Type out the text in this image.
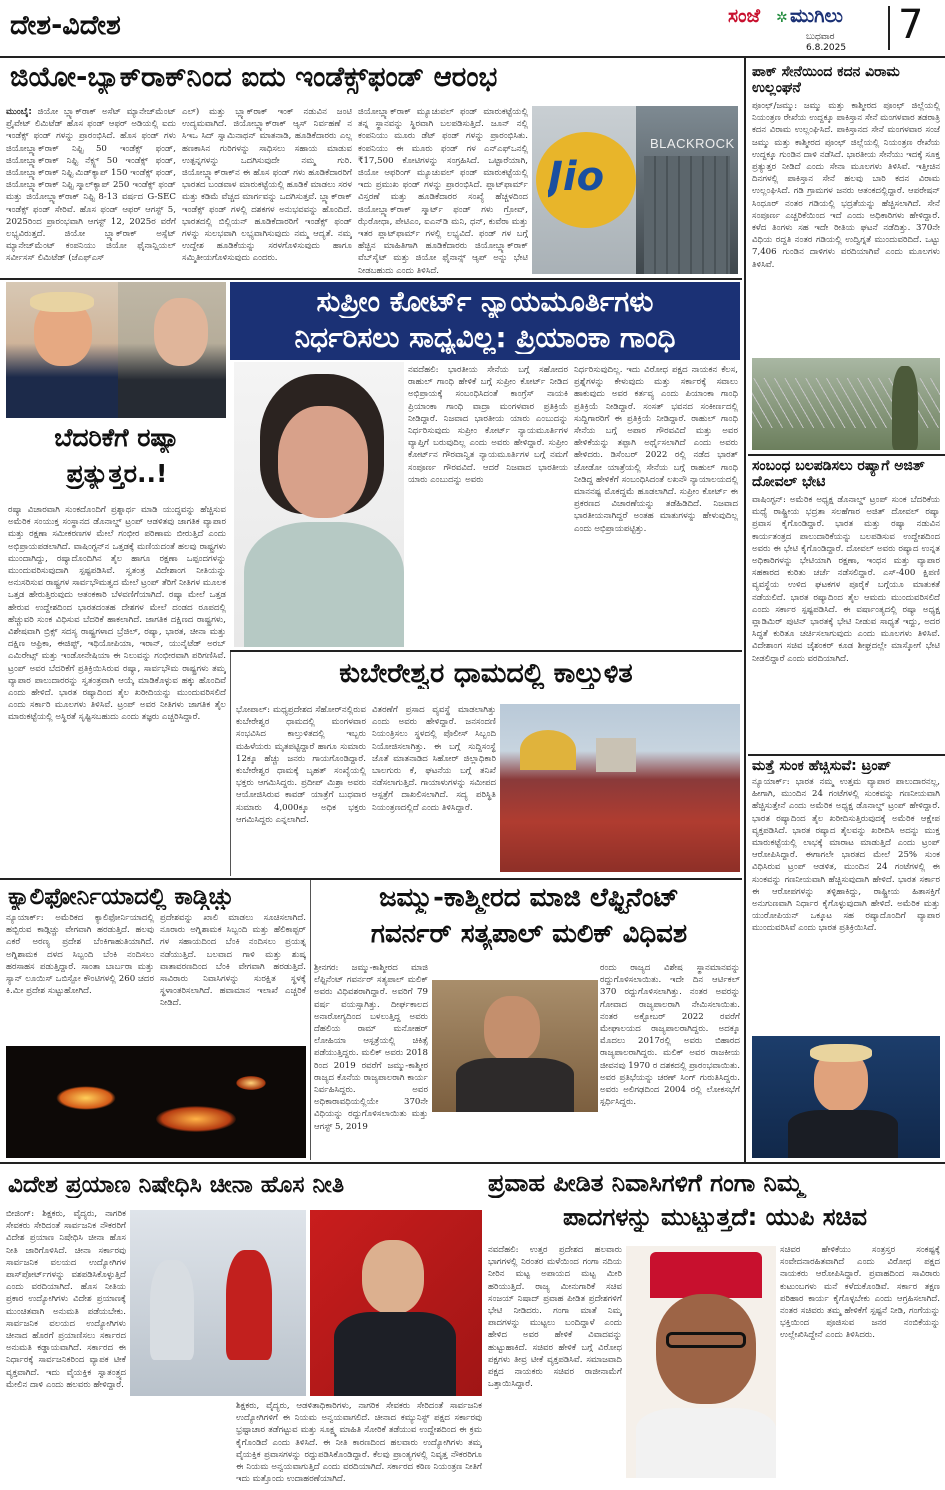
ದೇಶ-ವಿದೇಶ	ಸಂಜೆ ✲ ಮುಗಿಲು
ಬುಧವಾರ
6.8.2025 7
ಜಿಯೋ-ಬ್ಯಾಕ್‌ರಾಕ್‌ನಿಂದ ಐದು ಇಂಡೆಕ್ಸ್‌ಫಂಡ್ ಆರಂಭ
ಮುಂಬೈ: ಜಿಯೋ ಬ್ಲ್ಯಾಕ್‌ರಾಕ್ ಅಸೆಟ್ ಮ್ಯಾನೇಜ್‌ಮೆಂಟ್ ಪ್ರೈವೇಟ್ ಲಿಮಿಟೆಡ್ ಹೊಸ ಫಂಡ್ ಆಫರ್ ಅಡಿಯಲ್ಲಿ ಐದು ಇಂಡೆಕ್ಸ್ ಫಂಡ್ ಗಳನ್ನು ಪ್ರಾರಂಭಿಸಿದೆ. ಹೊಸ ಫಂಡ್ ಗಳು ಜಿಯೋಬ್ಲ್ಯಾಕ್‌ರಾಕ್ ನಿಫ್ಟಿ 50 ಇಂಡೆಕ್ಸ್ ಫಂಡ್, ಜಿಯೋಬ್ಲ್ಯಾಕ್‌ರಾಕ್ ನಿಫ್ಟಿ ನೆಕ್ಸ್ಟ್ 50 ಇಂಡೆಕ್ಸ್ ಫಂಡ್, ಜಿಯೋಬ್ಲ್ಯಾಕ್‌ರಾಕ್ ನಿಫ್ಟಿ ಮಿಡ್‌ಕ್ಯಾಪ್ 150 ಇಂಡೆಕ್ಸ್ ಫಂಡ್, ಜಿಯೋಬ್ಲ್ಯಾಕ್‌ರಾಕ್ ನಿಫ್ಟಿ ಸ್ಮಾಲ್‌ಕ್ಯಾಪ್ 250 ಇಂಡೆಕ್ಸ್ ಫಂಡ್ ಮತ್ತು ಜಿಯೋಬ್ಲ್ಯಾಕ್‌ರಾಕ್ ನಿಫ್ಟಿ 8-13 ವರ್ಷದ G-SEC ಇಂಡೆಕ್ಸ್ ಫಂಡ್ ಸೇರಿವೆ. ಹೊಸ ಫಂಡ್ ಆಫರ್ ಆಗಸ್ಟ್ 5, 2025ರಿಂದ ಪ್ರಾರಂಭವಾಗಿ ಆಗಸ್ಟ್ 12, 2025ರ ವರೆಗೆ ಲಭ್ಯವಿರುತ್ತದೆ. ಜಿಯೋ ಬ್ಲ್ಯಾಕ್‌ರಾಕ್ ಅಸ್ಸೆಟ್ ಮ್ಯಾನೇಜ್‌ಮೆಂಟ್ ಕಂಪನಿಯು ಜಿಯೋ ಫೈನಾನ್ಷಿಯಲ್ ಸರ್ವೀಸಸ್ ಲಿಮಿಟೆಡ್ (ಜೆಎಫ್‌ಎಸ್
ಎಲ್) ಮತ್ತು ಬ್ಲ್ಯಾಕ್‌ರಾಕ್ ಇಂಕ್ ನಡುವಿನ ಜಂಟಿ ಉದ್ಯಮವಾಗಿದೆ. ಜಿಯೋಬ್ಲ್ಯಾಕ್‌ರಾಕ್ ಆ್ಯಸ್ ನಿರ್ವಹಣೆ ನ ಸಿಇಒ ಸಿದ್ ಸ್ವಾಮಿನಾಥನ್ ಮಾತನಾಡಿ, ಹೂಡಿಕೆದಾರರು ಎಲ್ಲ ಹಣಕಾಸಿನ ಗುರಿಗಳನ್ನು ಸಾಧಿಸಲು ಸಹಾಯ ಮಾಡುವ ಉತ್ಪನ್ನಗಳನ್ನು ಒದಗಿಸುವುದೇ ನಮ್ಮ ಗುರಿ. ಜಿಯೋಬ್ಲ್ಯಾಕ್‌ರಾಕ್‌ನ ಈ ಹೊಸ ಫಂಡ್ ಗಳು ಹೂಡಿಕೆದಾರರಿಗೆ ಭಾರತದ ಬಂಡವಾಳ ಮಾರುಕಟ್ಟೆಯಲ್ಲಿ ಹೂಡಿಕೆ ಮಾಡಲು ಸರಳ ಮತ್ತು ಕಡಿಮೆ ವೆಚ್ಚದ ಮಾರ್ಗವನ್ನು ಒದಗಿಸುತ್ತವೆ. ಬ್ಲ್ಯಾಕ್‌ರಾಕ್ ಇಂಡೆಕ್ಸ್ ಫಂಡ್ ಗಳಲ್ಲಿ ದಶಕಗಳ ಅನುಭವವನ್ನು ಹೊಂದಿದೆ. ಭಾರತದಲ್ಲಿ ಬಿಲ್ಲಿಯನ್ ಹೂಡಿಕೆದಾರರಿಗೆ ಇಂಡೆಕ್ಸ್ ಫಂಡ್ ಗಳನ್ನು ಸುಲಭವಾಗಿ ಲಭ್ಯವಾಗಿಸುವುದು ನಮ್ಮ ಆದ್ಯತೆ. ನಮ್ಮ ಉದ್ದೇಶ ಹೂಡಿಕೆಯನ್ನು ಸರಳಗೊಳಿಸುವುದು ಹಾಗೂ ಸಮ್ಮಿತೀಯಗೊಳಿಸುವುದು ಎಂದರು.
ಜಿಯೋಬ್ಲ್ಯಾಕ್‌ರಾಕ್ ಮ್ಯೂಚುವಲ್ ಫಂಡ್ ಮಾರುಕಟ್ಟೆಯಲ್ಲಿ ತನ್ನ ಸ್ಥಾನವನ್ನು ಸ್ಥಿರವಾಗಿ ಬಲಪಡಿಸುತ್ತಿದೆ. ಜೂನ್ ನಲ್ಲಿ ಕಂಪನಿಯು ಮೂರು ಡೆಟ್ ಫಂಡ್ ಗಳನ್ನು ಪ್ರಾರಂಭಿಸಿತು. ಕಂಪನಿಯು ಈ ಮೂರು ಫಂಡ್ ಗಳ ಎನ್‌ಎಫ್‌ಒನಲ್ಲಿ ₹17,500 ಕೋಟಿಗಳನ್ನು ಸಂಗ್ರಹಿಸಿದೆ. ಒಟ್ಟಾರೆಯಾಗಿ, ಜಿಯೋ ಆಫರಿಂಗ್ ಮ್ಯೂಚುವಲ್ ಫಂಡ್ ಮಾರುಕಟ್ಟೆಯಲ್ಲಿ ಇದು ಪ್ರಮುಖ ಫಂಡ್ ಗಳನ್ನು ಪ್ರಾರಂಭಿಸಿದೆ. ಪ್ಲಾಟ್‌ಫಾರ್ಮ್ ವಿಸ್ತರಣೆ ಮತ್ತು ಹೂಡಿಕೆದಾರರ ಸಂಖ್ಯೆ ಹೆಚ್ಚಳದಿಂದ ಜಿಯೋಬ್ಲ್ಯಾಕ್‌ರಾಕ್ ಸ್ಮಾರ್ಟ್ ಫಂಡ್ ಗಳು ಗ್ರೋವ್, ಝೆರೋಧಾ, ಪೇಟಿಎಂ, ಐಎನ್‌ಡಿ ಮನಿ, ಧನ್, ಕುವೆರಾ ಮತ್ತು ಇತರ ಪ್ಲಾಟ್‌ಫಾರ್ಮ್ ಗಳಲ್ಲಿ ಲಭ್ಯವಿದೆ. ಫಂಡ್ ಗಳ ಬಗ್ಗೆ ಹೆಚ್ಚಿನ ಮಾಹಿತಿಗಾಗಿ ಹೂಡಿಕೆದಾರರು ಜಿಯೋಬ್ಲ್ಯಾಕ್‌ರಾಕ್ ವೆಬ್‌ಸೈಟ್ ಮತ್ತು ಜಿಯೋ ಫೈನಾನ್ಸ್ ಆ್ಯಪ್ ಅನ್ನು ಭೇಟಿ ನೀಡಬಹುದು ಎಂದು ತಿಳಿಸಿದೆ.
Jio
BLACKROCK
ಸುಪ್ರೀಂ ಕೋರ್ಟ್ ನ್ಯಾಯಮೂರ್ತಿಗಳು
ನಿರ್ಧರಿಸಲು ಸಾಧ್ಯವಿಲ್ಲ: ಪ್ರಿಯಾಂಕಾ ಗಾಂಧಿ
ನವದೆಹಲಿ: ಭಾರತೀಯ ಸೇನೆಯ ಬಗ್ಗೆ ಸಹೋದರ ರಾಹುಲ್ ಗಾಂಧಿ ಹೇಳಿಕೆ ಬಗ್ಗೆ ಸುಪ್ರೀಂ ಕೋರ್ಟ್ ನೀಡಿದ ಅಭಿಪ್ರಾಯಕ್ಕೆ ಸಂಬಂಧಿಸಿದಂತೆ ಕಾಂಗ್ರೆಸ್ ನಾಯಕಿ ಪ್ರಿಯಾಂಕಾ ಗಾಂಧಿ ವಾದ್ರಾ ಮಂಗಳವಾರ ಪ್ರತಿಕ್ರಿಯೆ ನೀಡಿದ್ದಾರೆ. ನಿಜವಾದ ಭಾರತೀಯ ಯಾರು ಎಂಬುದನ್ನು ನಿರ್ಧರಿಸುವುದು ಸುಪ್ರೀಂ ಕೋರ್ಟ್ ನ್ಯಾಯಮೂರ್ತಿಗಳ ವ್ಯಾಪ್ತಿಗೆ ಬರುವುದಿಲ್ಲ ಎಂದು ಅವರು ಹೇಳಿದ್ದಾರೆ. ಸುಪ್ರೀಂ ಕೋರ್ಟ್‌ನ ಗೌರವಾನ್ವಿತ ನ್ಯಾಯಮೂರ್ತಿಗಳ ಬಗ್ಗೆ ನಮಗೆ ಸಂಪೂರ್ಣ ಗೌರವವಿದೆ. ಆದರೆ ನಿಜವಾದ ಭಾರತೀಯ ಯಾರು ಎಂಬುದನ್ನು ಅವರು
ನಿರ್ಧರಿಸುವುದಿಲ್ಲ. ಇದು ವಿರೋಧ ಪಕ್ಷದ ನಾಯಕನ ಕೆಲಸ, ಪ್ರಶ್ನೆಗಳನ್ನು ಕೇಳುವುದು ಮತ್ತು ಸರ್ಕಾರಕ್ಕೆ ಸವಾಲು ಹಾಕುವುದು ಅವರ ಕರ್ತವ್ಯ ಎಂದು ಪಿಯಾಂಕಾ ಗಾಂಧಿ ಪ್ರತಿಕ್ರಿಯೆ ನೀಡಿದ್ದಾರೆ. ಸಂಸತ್ ಭವನದ ಸಂಕೀರ್ಣದಲ್ಲಿ ಸುದ್ದಿಗಾರರಿಗೆ ಈ ಪ್ರತಿಕ್ರಿಯೆ ನೀಡಿದ್ದಾರೆ. ರಾಹುಲ್ ಗಾಂಧಿ ಸೇನೆಯ ಬಗ್ಗೆ ಅಪಾರ ಗೌರವವಿದೆ ಮತ್ತು ಅವರ ಹೇಳಿಕೆಯನ್ನು ತಪ್ಪಾಗಿ ಅರ್ಥೈಸಲಾಗಿದೆ ಎಂದು ಅವರು ಹೇಳಿದರು. ಡಿಸೆಂಬರ್ 2022 ರಲ್ಲಿ ನಡೆದ ಭಾರತ್ ಜೋಡೋ ಯಾತ್ರೆಯಲ್ಲಿ ಸೇನೆಯ ಬಗ್ಗೆ ರಾಹುಲ್ ಗಾಂಧಿ ನೀಡಿದ್ದ ಹೇಳಿಕೆಗೆ ಸಂಬಂಧಿಸಿದಂತೆ ಲಖನೌ ನ್ಯಾಯಾಲಯದಲ್ಲಿ ಮಾನನಷ್ಟ ಮೊಕದ್ದಮೆ ಹೂಡಲಾಗಿದೆ. ಸುಪ್ರೀಂ ಕೋರ್ಟ್ ಈ ಪ್ರಕರಣದ ವಿಚಾರಣೆಯನ್ನು ತಡೆಹಿಡಿದಿದೆ. ನಿಜವಾದ ಭಾರತೀಯನಾಗಿದ್ದರೆ ಅಂತಹ ಮಾತುಗಳನ್ನು ಹೇಳುವುದಿಲ್ಲ ಎಂದು ಅಭಿಪ್ರಾಯಪಟ್ಟಿತ್ತು.
ಬೆದರಿಕೆಗೆ ರಷ್ಯಾ
ಪ್ರತ್ಯುತ್ತರ..!
ರಷ್ಯಾ ವಿಚಾರವಾಗಿ ಸುಂಕದೊಂದಿಗೆ ಪ್ರಶ್ನಾರ್ಥ ಮಾಡಿ ಯುದ್ಧವನ್ನು ಹೆಚ್ಚಿಸುವ ಅಮೆರಿಕ ಸಂಯುಕ್ತ ಸಂಸ್ಥಾನದ ಡೊನಾಲ್ಡ್ ಟ್ರಂಪ್ ಆಡಳಿತವು ಜಾಗತಿಕ ವ್ಯಾಪಾರ ಮತ್ತು ರಕ್ಷಣಾ ಸಮೀಕರಣಗಳ ಮೇಲೆ ಗಂಭೀರ ಪರಿಣಾಮ ಬೀರುತ್ತಿದೆ ಎಂದು ಅಭಿಪ್ರಾಯಪಡಲಾಗಿದೆ. ವಾಷಿಂಗ್ಟನ್‌ನ ಒತ್ತಡಕ್ಕೆ ಮಣಿಯದಂತೆ ಹಲವು ರಾಷ್ಟ್ರಗಳು ಮುಂದಾಗಿದ್ದು, ರಷ್ಯಾದೊಂದಿಗಿನ ತೈಲ ಹಾಗೂ ರಕ್ಷಣಾ ಒಪ್ಪಂದಗಳನ್ನು ಮುಂದುವರಿಸುವುದಾಗಿ ಸ್ಪಷ್ಟಪಡಿಸಿವೆ. ಸ್ವತಂತ್ರ ವಿದೇಶಾಂಗ ನೀತಿಯನ್ನು ಅನುಸರಿಸುವ ರಾಷ್ಟ್ರಗಳ ಸಾರ್ವಭೌಮತ್ವದ ಮೇಲೆ ಟ್ರಂಪ್ ತೆರಿಗೆ ನೀತಿಗಳ ಮೂಲಕ ಒತ್ತಡ ಹೇರುತ್ತಿರುವುದು ಆತಂಕಕಾರಿ ಬೆಳವಣಿಗೆಯಾಗಿದೆ. ರಷ್ಯಾ ಮೇಲೆ ಒತ್ತಡ ಹೇರುವ ಉದ್ದೇಶದಿಂದ ಭಾರತದಂತಹ ದೇಶಗಳ ಮೇಲೆ ದಂಡದ ರೂಪದಲ್ಲಿ ಹೆಚ್ಚುವರಿ ಸುಂಕ ವಿಧಿಸುವ ಬೆದರಿಕೆ ಹಾಕಲಾಗಿದೆ. ಜಾಗತಿಕ ದಕ್ಷಿಣದ ರಾಷ್ಟ್ರಗಳು, ವಿಶೇಷವಾಗಿ ಬ್ರಿಕ್ಸ್ ಸದಸ್ಯ ರಾಷ್ಟ್ರಗಳಾದ ಬ್ರೆಜಿಲ್, ರಷ್ಯಾ, ಭಾರತ, ಚೀನಾ ಮತ್ತು ದಕ್ಷಿಣ ಆಫ್ರಿಕಾ, ಈಜಿಪ್ಟ್, ಇಥಿಯೋಪಿಯಾ, ಇರಾನ್, ಯುನೈಟೆಡ್ ಅರಬ್ ಎಮಿರೇಟ್ಸ್ ಮತ್ತು ಇಂಡೋನೇಷಿಯಾ ಈ ನಿಲುವನ್ನು ಗಂಭೀರವಾಗಿ ಪರಿಗಣಿಸಿವೆ. ಟ್ರಂಪ್ ಅವರ ಬೆದರಿಕೆಗೆ ಪ್ರತಿಕ್ರಿಯಿಸಿರುವ ರಷ್ಯಾ, ಸಾರ್ವಭೌಮ ರಾಷ್ಟ್ರಗಳು ತಮ್ಮ ವ್ಯಾಪಾರ ಪಾಲುದಾರರನ್ನು ಸ್ವತಂತ್ರವಾಗಿ ಆಯ್ಕೆ ಮಾಡಿಕೊಳ್ಳುವ ಹಕ್ಕು ಹೊಂದಿವೆ ಎಂದು ಹೇಳಿದೆ. ಭಾರತ ರಷ್ಯಾದಿಂದ ತೈಲ ಖರೀದಿಯನ್ನು ಮುಂದುವರಿಸಲಿದೆ ಎಂದು ಸರ್ಕಾರಿ ಮೂಲಗಳು ತಿಳಿಸಿವೆ. ಟ್ರಂಪ್ ಅವರ ನೀತಿಗಳು ಜಾಗತಿಕ ತೈಲ ಮಾರುಕಟ್ಟೆಯಲ್ಲಿ ಅಸ್ಥಿರತೆ ಸೃಷ್ಟಿಸಬಹುದು ಎಂದು ತಜ್ಞರು ಎಚ್ಚರಿಸಿದ್ದಾರೆ.
ಕುಬೇರೇಶ್ವರ ಧಾಮದಲ್ಲಿ ಕಾಲ್ತುಳಿತ
ಭೋಪಾಲ್: ಮಧ್ಯಪ್ರದೇಶದ ಸೆಹೋರ್‌ನಲ್ಲಿರುವ ಕುಬೇರೇಶ್ವರ ಧಾಮದಲ್ಲಿ ಮಂಗಳವಾರ ಸಂಭವಿಸಿದ ಕಾಲ್ತುಳಿತದಲ್ಲಿ ಇಬ್ಬರು ಮಹಿಳೆಯರು ಮೃತಪಟ್ಟಿದ್ದಾರೆ ಹಾಗೂ ಸುಮಾರು 12ಕ್ಕೂ ಹೆಚ್ಚು ಜನರು ಗಾಯಗೊಂಡಿದ್ದಾರೆ. ಕುಬೇರೇಶ್ವರ ಧಾಮಕ್ಕೆ ಬೃಹತ್ ಸಂಖ್ಯೆಯಲ್ಲಿ ಭಕ್ತರು ಆಗಮಿಸಿದ್ದರು. ಪ್ರದೀಪ್ ಮಿಶ್ರಾ ಅವರು ಆಯೋಜಿಸಿರುವ ಕಾವಡ್ ಯಾತ್ರೆಗೆ ಬುಧವಾರ ಸುಮಾರು 4,000ಕ್ಕೂ ಅಧಿಕ ಭಕ್ತರು ಆಗಮಿಸಿದ್ದರು ಎನ್ನಲಾಗಿದೆ.
ವಿತರಣೆಗೆ ಪ್ರಸಾದ ವ್ಯವಸ್ಥೆ ಮಾಡಲಾಗಿತ್ತು ಎಂದು ಅವರು ಹೇಳಿದ್ದಾರೆ. ಜನಸಂದಣಿ ನಿಯಂತ್ರಿಸಲು ಸ್ಥಳದಲ್ಲಿ ಪೊಲೀಸ್ ಸಿಬ್ಬಂದಿ ನಿಯೋಜಿಸಲಾಗಿತ್ತು. ಈ ಬಗ್ಗೆ ಸುದ್ದಿಸಂಸ್ಥೆ ಜೊತೆ ಮಾತನಾಡಿದ ಸಿಹೋರ್ ಜಿಲ್ಲಾಧಿಕಾರಿ ಬಾಲಗುರು ಕೆ, ಘಟನೆಯ ಬಗ್ಗೆ ತನಿಖೆ ನಡೆಸಲಾಗುತ್ತಿದೆ. ಗಾಯಾಳುಗಳನ್ನು ಸಮೀಪದ ಆಸ್ಪತ್ರೆಗೆ ದಾಖಲಿಸಲಾಗಿದೆ. ಸದ್ಯ ಪರಿಸ್ಥಿತಿ ನಿಯಂತ್ರಣದಲ್ಲಿದೆ ಎಂದು ತಿಳಿಸಿದ್ದಾರೆ.
ಕ್ಯಾಲಿಫೋರ್ನಿಯಾದಲ್ಲಿ ಕಾಡ್ಗಿಚ್ಚು
ನ್ಯೂಯಾರ್ಕ್: ಅಮೆರಿಕದ ಕ್ಯಾಲಿಫೋರ್ನಿಯಾದಲ್ಲಿ ಹಬ್ಬಿರುವ ಕಾಡ್ಗಿಚ್ಚು ವೇಗವಾಗಿ ಹರಡುತ್ತಿದೆ. ಹಲವು ಎಕರೆ ಅರಣ್ಯ ಪ್ರದೇಶ ಬೆಂಕಿಗಾಹುತಿಯಾಗಿದೆ. ಅಗ್ನಿಶಾಮಕ ದಳದ ಸಿಬ್ಬಂದಿ ಬೆಂಕಿ ನಂದಿಸಲು ಹರಸಾಹಸ ಪಡುತ್ತಿದ್ದಾರೆ. ಸಾಂತಾ ಬಾರ್ಬರಾ ಮತ್ತು ಸ್ಯಾನ್ ಲೂಯಿಸ್ ಒಬಿಸ್ಪೋ ಕೌಂಟಿಗಳಲ್ಲಿ 260 ಚದರ ಕಿ.ಮೀ ಪ್ರದೇಶ ಸುಟ್ಟುಹೋಗಿದೆ.
ಪ್ರದೇಶವನ್ನು ಖಾಲಿ ಮಾಡಲು ಸೂಚಿಸಲಾಗಿದೆ. ನೂರಾರು ಅಗ್ನಿಶಾಮಕ ಸಿಬ್ಬಂದಿ ಮತ್ತು ಹೆಲಿಕಾಪ್ಟರ್ ಗಳ ಸಹಾಯದಿಂದ ಬೆಂಕಿ ನಂದಿಸಲು ಪ್ರಯತ್ನ ನಡೆಯುತ್ತಿದೆ. ಬಲವಾದ ಗಾಳಿ ಮತ್ತು ಶುಷ್ಕ ವಾತಾವರಣದಿಂದ ಬೆಂಕಿ ವೇಗವಾಗಿ ಹರಡುತ್ತಿದೆ. ಸಾವಿರಾರು ನಿವಾಸಿಗಳನ್ನು ಸುರಕ್ಷಿತ ಸ್ಥಳಕ್ಕೆ ಸ್ಥಳಾಂತರಿಸಲಾಗಿದೆ. ಹವಾಮಾನ ಇಲಾಖೆ ಎಚ್ಚರಿಕೆ ನೀಡಿದೆ.
ಜಮ್ಮು-ಕಾಶ್ಮೀರದ ಮಾಜಿ ಲೆಫ್ಟಿನೆಂಟ್
ಗವರ್ನರ್ ಸತ್ಯಪಾಲ್ ಮಲಿಕ್ ವಿಧಿವಶ
ಶ್ರೀನಗರ: ಜಮ್ಮು-ಕಾಶ್ಮೀರದ ಮಾಜಿ ಲೆಫ್ಟಿನೆಂಟ್ ಗವರ್ನರ್ ಸತ್ಯಪಾಲ್ ಮಲಿಕ್ ಅವರು ವಿಧಿವಶರಾಗಿದ್ದಾರೆ. ಅವರಿಗೆ 79 ವರ್ಷ ವಯಸ್ಸಾಗಿತ್ತು. ದೀರ್ಘಕಾಲದ ಅನಾರೋಗ್ಯದಿಂದ ಬಳಲುತ್ತಿದ್ದ ಅವರು ದೆಹಲಿಯ ರಾಮ್ ಮನೋಹರ್ ಲೋಹಿಯಾ ಆಸ್ಪತ್ರೆಯಲ್ಲಿ ಚಿಕಿತ್ಸೆ ಪಡೆಯುತ್ತಿದ್ದರು. ಮಲಿಕ್ ಅವರು 2018 ರಿಂದ 2019 ರವರೆಗೆ ಜಮ್ಮು-ಕಾಶ್ಮೀರ ರಾಜ್ಯದ ಕೊನೆಯ ರಾಜ್ಯಪಾಲರಾಗಿ ಕಾರ್ಯ ನಿರ್ವಹಿಸಿದ್ದರು. ಅವರ ಅಧಿಕಾರಾವಧಿಯಲ್ಲಿಯೇ 370ನೇ ವಿಧಿಯನ್ನು ರದ್ದುಗೊಳಿಸಲಾಯಿತು ಮತ್ತು ಆಗಸ್ಟ್ 5, 2019
ರಂದು ರಾಜ್ಯದ ವಿಶೇಷ ಸ್ಥಾನಮಾನವನ್ನು ರದ್ದುಗೊಳಿಸಲಾಯಿತು. ಇದೇ ದಿನ ಆರ್ಟಿಕಲ್ 370 ರದ್ದುಗೊಳಿಸಲಾಗಿತ್ತು. ನಂತರ ಅವರನ್ನು ಗೋವಾದ ರಾಜ್ಯಪಾಲರಾಗಿ ನೇಮಿಸಲಾಯಿತು. ನಂತರ ಅಕ್ಟೋಬರ್ 2022 ರವರೆಗೆ ಮೇಘಾಲಯದ ರಾಜ್ಯಪಾಲರಾಗಿದ್ದರು. ಅದಕ್ಕೂ ಮೊದಲು 2017ರಲ್ಲಿ ಅವರು ಬಿಹಾರದ ರಾಜ್ಯಪಾಲರಾಗಿದ್ದರು. ಮಲಿಕ್ ಅವರ ರಾಜಕೀಯ ಜೀವನವು 1970 ರ ದಶಕದಲ್ಲಿ ಪ್ರಾರಂಭವಾಯಿತು. ಅವರ ಪ್ರತಿಭೆಯನ್ನು ಚರಣ್ ಸಿಂಗ್ ಗುರುತಿಸಿದ್ದರು. ಅವರು ಅಲಿಗಢದಿಂದ 2004 ರಲ್ಲಿ ಲೋಕಸಭೆಗೆ ಸ್ಪರ್ಧಿಸಿದ್ದರು.
ವಿದೇಶ ಪ್ರಯಾಣ ನಿಷೇಧಿಸಿ ಚೀನಾ ಹೊಸ ನೀತಿ
ಬೀಜಿಂಗ್: ಶಿಕ್ಷಕರು, ವೈದ್ಯರು, ನಾಗರಿಕ ಸೇವಕರು ಸೇರಿದಂತೆ ಸಾರ್ವಜನಿಕ ನೌಕರರಿಗೆ ವಿದೇಶ ಪ್ರಯಾಣ ನಿಷೇಧಿಸಿ ಚೀನಾ ಹೊಸ ನೀತಿ ಜಾರಿಗೊಳಿಸಿದೆ. ಚೀನಾ ಸರ್ಕಾರವು ಸಾರ್ವಜನಿಕ ವಲಯದ ಉದ್ಯೋಗಿಗಳ ಪಾಸ್‌ಪೋರ್ಟ್‌ಗಳನ್ನು ವಶಪಡಿಸಿಕೊಳ್ಳುತ್ತಿದೆ ಎಂದು ವರದಿಯಾಗಿದೆ. ಹೊಸ ನೀತಿಯ ಪ್ರಕಾರ ಉದ್ಯೋಗಿಗಳು ವಿದೇಶ ಪ್ರಯಾಣಕ್ಕೆ ಮುಂಚಿತವಾಗಿ ಅನುಮತಿ ಪಡೆಯಬೇಕು. ಸಾರ್ವಜನಿಕ ವಲಯದ ಉದ್ಯೋಗಿಗಳು ಚೀನಾದ ಹೊರಗೆ ಪ್ರಯಾಣಿಸಲು ಸರ್ಕಾರದ ಅನುಮತಿ ಕಡ್ಡಾಯವಾಗಿದೆ. ಸರ್ಕಾರದ ಈ ನಿರ್ಧಾರಕ್ಕೆ ಸಾರ್ವಜನಿಕರಿಂದ ವ್ಯಾಪಕ ಟೀಕೆ ವ್ಯಕ್ತವಾಗಿದೆ. ಇದು ವೈಯಕ್ತಿಕ ಸ್ವಾತಂತ್ರ್ಯದ ಮೇಲಿನ ದಾಳಿ ಎಂದು ಹಲವರು ಹೇಳಿದ್ದಾರೆ.
ಶಿಕ್ಷಕರು, ವೈದ್ಯರು, ಆಡಳಿತಾಧಿಕಾರಿಗಳು, ನಾಗರಿಕ ಸೇವಕರು ಸೇರಿದಂತೆ ಸಾರ್ವಜನಿಕ ಉದ್ಯೋಗಿಗಳಿಗೆ ಈ ನಿಯಮ ಅನ್ವಯವಾಗಲಿದೆ. ಚೀನಾದ ಕಮ್ಯುನಿಸ್ಟ್ ಪಕ್ಷದ ಸರ್ಕಾರವು ಭ್ರಷ್ಟಾಚಾರ ತಡೆಗಟ್ಟುವ ಮತ್ತು ಸೂಕ್ಷ್ಮ ಮಾಹಿತಿ ಸೋರಿಕೆ ತಡೆಯುವ ಉದ್ದೇಶದಿಂದ ಈ ಕ್ರಮ ಕೈಗೊಂಡಿದೆ ಎಂದು ತಿಳಿಸಿದೆ. ಈ ನೀತಿ ಕಾರಣದಿಂದ ಹಲವಾರು ಉದ್ಯೋಗಿಗಳು ತಮ್ಮ ವೈಯಕ್ತಿಕ ಪ್ರವಾಸಗಳನ್ನು ರದ್ದುಪಡಿಸಿಕೊಂಡಿದ್ದಾರೆ. ಕೆಲವು ಪ್ರಾಂತ್ಯಗಳಲ್ಲಿ ನಿವೃತ್ತ ನೌಕರರಿಗೂ ಈ ನಿಯಮ ಅನ್ವಯವಾಗುತ್ತಿದೆ ಎಂದು ವರದಿಯಾಗಿದೆ. ಸರ್ಕಾರದ ಕಠಿಣ ನಿಯಂತ್ರಣ ನೀತಿಗೆ ಇದು ಮತ್ತೊಂದು ಉದಾಹರಣೆಯಾಗಿದೆ.
ಪ್ರವಾಹ ಪೀಡಿತ ನಿವಾಸಿಗಳಿಗೆ ಗಂಗಾ ನಿಮ್ಮ
ಪಾದಗಳನ್ನು ಮುಟ್ಟುತ್ತದೆ: ಯುಪಿ ಸಚಿವ
ನವದೆಹಲಿ: ಉತ್ತರ ಪ್ರದೇಶದ ಹಲವಾರು ಭಾಗಗಳಲ್ಲಿ ನಿರಂತರ ಮಳೆಯಿಂದ ಗಂಗಾ ನದಿಯ ನೀರಿನ ಮಟ್ಟ ಅಪಾಯದ ಮಟ್ಟ ಮೀರಿ ಹರಿಯುತ್ತಿದೆ. ರಾಜ್ಯ ಮೀನುಗಾರಿಕೆ ಸಚಿವ ಸಂಜಯ್ ನಿಷಾದ್ ಪ್ರವಾಹ ಪೀಡಿತ ಪ್ರದೇಶಗಳಿಗೆ ಭೇಟಿ ನೀಡಿದರು. ಗಂಗಾ ಮಾತೆ ನಿಮ್ಮ ಪಾದಗಳನ್ನು ಮುಟ್ಟಲು ಬಂದಿದ್ದಾಳೆ ಎಂದು ಹೇಳಿದ ಅವರ ಹೇಳಿಕೆ ವಿವಾದವನ್ನು ಹುಟ್ಟುಹಾಕಿದೆ. ಸಚಿವರ ಹೇಳಿಕೆ ಬಗ್ಗೆ ವಿರೋಧ ಪಕ್ಷಗಳು ತೀವ್ರ ಟೀಕೆ ವ್ಯಕ್ತಪಡಿಸಿವೆ. ಸಮಾಜವಾದಿ ಪಕ್ಷದ ನಾಯಕರು ಸಚಿವರ ರಾಜೀನಾಮೆಗೆ ಒತ್ತಾಯಿಸಿದ್ದಾರೆ.
ಸಚಿವರ ಹೇಳಿಕೆಯು ಸಂತ್ರಸ್ತರ ಸಂಕಷ್ಟಕ್ಕೆ ಸಂವೇದನಾರಹಿತವಾಗಿದೆ ಎಂದು ವಿರೋಧ ಪಕ್ಷದ ನಾಯಕರು ಆರೋಪಿಸಿದ್ದಾರೆ. ಪ್ರವಾಹದಿಂದ ಸಾವಿರಾರು ಕುಟುಂಬಗಳು ಮನೆ ಕಳೆದುಕೊಂಡಿವೆ. ಸರ್ಕಾರ ತಕ್ಷಣ ಪರಿಹಾರ ಕಾರ್ಯ ಕೈಗೊಳ್ಳಬೇಕು ಎಂದು ಆಗ್ರಹಿಸಲಾಗಿದೆ. ನಂತರ ಸಚಿವರು ತಮ್ಮ ಹೇಳಿಕೆಗೆ ಸ್ಪಷ್ಟನೆ ನೀಡಿ, ಗಂಗೆಯನ್ನು ಭಕ್ತಿಯಿಂದ ಪೂಜಿಸುವ ಜನರ ನಂಬಿಕೆಯನ್ನು ಉಲ್ಲೇಖಿಸಿದ್ದೇನೆ ಎಂದು ತಿಳಿಸಿದರು.
ಪಾಕ್ ಸೇನೆಯಿಂದ ಕದನ ವಿರಾಮ ಉಲ್ಲಂಘನೆ
ಪೂಂಛ್/ಜಮ್ಮು: ಜಮ್ಮು ಮತ್ತು ಕಾಶ್ಮೀರದ ಪೂಂಛ್ ಜಿಲ್ಲೆಯಲ್ಲಿ ನಿಯಂತ್ರಣ ರೇಖೆಯ ಉದ್ದಕ್ಕೂ ಪಾಕಿಸ್ತಾನ ಸೇನೆ ಮಂಗಳವಾರ ತಡರಾತ್ರಿ ಕದನ ವಿರಾಮ ಉಲ್ಲಂಘಿಸಿದೆ. ಪಾಕಿಸ್ತಾನದ ಸೇನೆ ಮಂಗಳವಾರ ಸಂಜೆ ಜಮ್ಮು ಮತ್ತು ಕಾಶ್ಮೀರದ ಪೂಂಛ್ ಜಿಲ್ಲೆಯಲ್ಲಿ ನಿಯಂತ್ರಣ ರೇಖೆಯ ಉದ್ದಕ್ಕೂ ಗುಂಡಿನ ದಾಳಿ ನಡೆಸಿದೆ. ಭಾರತೀಯ ಸೇನೆಯು ಇದಕ್ಕೆ ಸೂಕ್ತ ಪ್ರತ್ಯುತ್ತರ ನೀಡಿದೆ ಎಂದು ಸೇನಾ ಮೂಲಗಳು ತಿಳಿಸಿವೆ. ಇತ್ತೀಚಿನ ದಿನಗಳಲ್ಲಿ ಪಾಕಿಸ್ತಾನ ಸೇನೆ ಹಲವು ಬಾರಿ ಕದನ ವಿರಾಮ ಉಲ್ಲಂಘಿಸಿದೆ. ಗಡಿ ಗ್ರಾಮಗಳ ಜನರು ಆತಂಕದಲ್ಲಿದ್ದಾರೆ. ಆಪರೇಷನ್ ಸಿಂಧೂರ್ ನಂತರ ಗಡಿಯಲ್ಲಿ ಭದ್ರತೆಯನ್ನು ಹೆಚ್ಚಿಸಲಾಗಿದೆ. ಸೇನೆ ಸಂಪೂರ್ಣ ಎಚ್ಚರಿಕೆಯಿಂದ ಇದೆ ಎಂದು ಅಧಿಕಾರಿಗಳು ಹೇಳಿದ್ದಾರೆ. ಕಳೆದ ತಿಂಗಳು ಸಹ ಇದೇ ರೀತಿಯ ಘಟನೆ ನಡೆದಿತ್ತು. 370ನೇ ವಿಧಿಯ ರದ್ದತಿ ನಂತರ ಗಡಿಯಲ್ಲಿ ಉದ್ವಿಗ್ನತೆ ಮುಂದುವರಿದಿದೆ. ಒಟ್ಟು 7,406 ಗುಂಡಿನ ದಾಳಿಗಳು ವರದಿಯಾಗಿವೆ ಎಂದು ಮೂಲಗಳು ತಿಳಿಸಿವೆ.
ಸಂಬಂಧ ಬಲಪಡಿಸಲು ರಷ್ಯಾಗೆ ಅಜಿತ್ ದೋವಲ್ ಭೇಟಿ
ವಾಷಿಂಗ್ಟನ್: ಅಮೆರಿಕ ಅಧ್ಯಕ್ಷ ಡೊನಾಲ್ಡ್ ಟ್ರಂಪ್ ಸುಂಕ ಬೆದರಿಕೆಯ ಮಧ್ಯೆ ರಾಷ್ಟ್ರೀಯ ಭದ್ರತಾ ಸಲಹೆಗಾರ ಅಜಿತ್ ದೋವಲ್ ರಷ್ಯಾ ಪ್ರವಾಸ ಕೈಗೊಂಡಿದ್ದಾರೆ. ಭಾರತ ಮತ್ತು ರಷ್ಯಾ ನಡುವಿನ ಕಾರ್ಯತಂತ್ರದ ಪಾಲುದಾರಿಕೆಯನ್ನು ಬಲಪಡಿಸುವ ಉದ್ದೇಶದಿಂದ ಅವರು ಈ ಭೇಟಿ ಕೈಗೊಂಡಿದ್ದಾರೆ. ದೋವಲ್ ಅವರು ರಷ್ಯಾದ ಉನ್ನತ ಅಧಿಕಾರಿಗಳನ್ನು ಭೇಟಿಯಾಗಿ ರಕ್ಷಣಾ, ಇಂಧನ ಮತ್ತು ವ್ಯಾಪಾರ ಸಹಕಾರದ ಕುರಿತು ಚರ್ಚೆ ನಡೆಸಲಿದ್ದಾರೆ. ಎಸ್-400 ಕ್ಷಿಪಣಿ ವ್ಯವಸ್ಥೆಯ ಉಳಿದ ಘಟಕಗಳ ಪೂರೈಕೆ ಬಗ್ಗೆಯೂ ಮಾತುಕತೆ ನಡೆಯಲಿದೆ. ಭಾರತ ರಷ್ಯಾದಿಂದ ತೈಲ ಆಮದು ಮುಂದುವರಿಸಲಿದೆ ಎಂದು ಸರ್ಕಾರ ಸ್ಪಷ್ಟಪಡಿಸಿದೆ. ಈ ವರ್ಷಾಂತ್ಯದಲ್ಲಿ ರಷ್ಯಾ ಅಧ್ಯಕ್ಷ ವ್ಲಾಡಿಮಿರ್ ಪುಟಿನ್ ಭಾರತಕ್ಕೆ ಭೇಟಿ ನೀಡುವ ಸಾಧ್ಯತೆ ಇದ್ದು, ಅದರ ಸಿದ್ಧತೆ ಕುರಿತೂ ಚರ್ಚಿಸಲಾಗುವುದು ಎಂದು ಮೂಲಗಳು ತಿಳಿಸಿವೆ. ವಿದೇಶಾಂಗ ಸಚಿವ ಜೈಶಂಕರ್ ಕೂಡ ಶೀಘ್ರದಲ್ಲೇ ಮಾಸ್ಕೋಗೆ ಭೇಟಿ ನೀಡಲಿದ್ದಾರೆ ಎಂದು ವರದಿಯಾಗಿದೆ.
ಮತ್ತೆ ಸುಂಕ ಹೆಚ್ಚಿಸುವೆ: ಟ್ರಂಪ್
ನ್ಯೂಯಾರ್ಕ್: ಭಾರತ ನಮ್ಮ ಉತ್ತಮ ವ್ಯಾಪಾರ ಪಾಲುದಾರನಲ್ಲ, ಹೀಗಾಗಿ, ಮುಂದಿನ 24 ಗಂಟೆಗಳಲ್ಲಿ ಸುಂಕವನ್ನು ಗಣನೀಯವಾಗಿ ಹೆಚ್ಚಿಸುತ್ತೇನೆ ಎಂದು ಅಮೆರಿಕ ಅಧ್ಯಕ್ಷ ಡೊನಾಲ್ಡ್ ಟ್ರಂಪ್ ಹೇಳಿದ್ದಾರೆ. ಭಾರತ ರಷ್ಯಾದಿಂದ ತೈಲ ಖರೀದಿಸುತ್ತಿರುವುದಕ್ಕೆ ಅಮೆರಿಕ ಆಕ್ಷೇಪ ವ್ಯಕ್ತಪಡಿಸಿದೆ. ಭಾರತ ರಷ್ಯಾದ ತೈಲವನ್ನು ಖರೀದಿಸಿ ಅದನ್ನು ಮುಕ್ತ ಮಾರುಕಟ್ಟೆಯಲ್ಲಿ ಲಾಭಕ್ಕೆ ಮಾರಾಟ ಮಾಡುತ್ತಿದೆ ಎಂದು ಟ್ರಂಪ್ ಆರೋಪಿಸಿದ್ದಾರೆ. ಈಗಾಗಲೇ ಭಾರತದ ಮೇಲೆ 25% ಸುಂಕ ವಿಧಿಸಿರುವ ಟ್ರಂಪ್ ಆಡಳಿತ, ಮುಂದಿನ 24 ಗಂಟೆಗಳಲ್ಲಿ ಈ ಸುಂಕವನ್ನು ಗಣನೀಯವಾಗಿ ಹೆಚ್ಚಿಸುವುದಾಗಿ ಹೇಳಿದೆ. ಭಾರತ ಸರ್ಕಾರ ಈ ಆರೋಪಗಳನ್ನು ತಳ್ಳಿಹಾಕಿದ್ದು, ರಾಷ್ಟ್ರೀಯ ಹಿತಾಸಕ್ತಿಗೆ ಅನುಗುಣವಾಗಿ ನಿರ್ಧಾರ ಕೈಗೊಳ್ಳುವುದಾಗಿ ಹೇಳಿದೆ. ಅಮೆರಿಕ ಮತ್ತು ಯುರೋಪಿಯನ್ ಒಕ್ಕೂಟ ಸಹ ರಷ್ಯಾದೊಂದಿಗೆ ವ್ಯಾಪಾರ ಮುಂದುವರಿಸಿವೆ ಎಂದು ಭಾರತ ಪ್ರತಿಕ್ರಿಯಿಸಿದೆ.
